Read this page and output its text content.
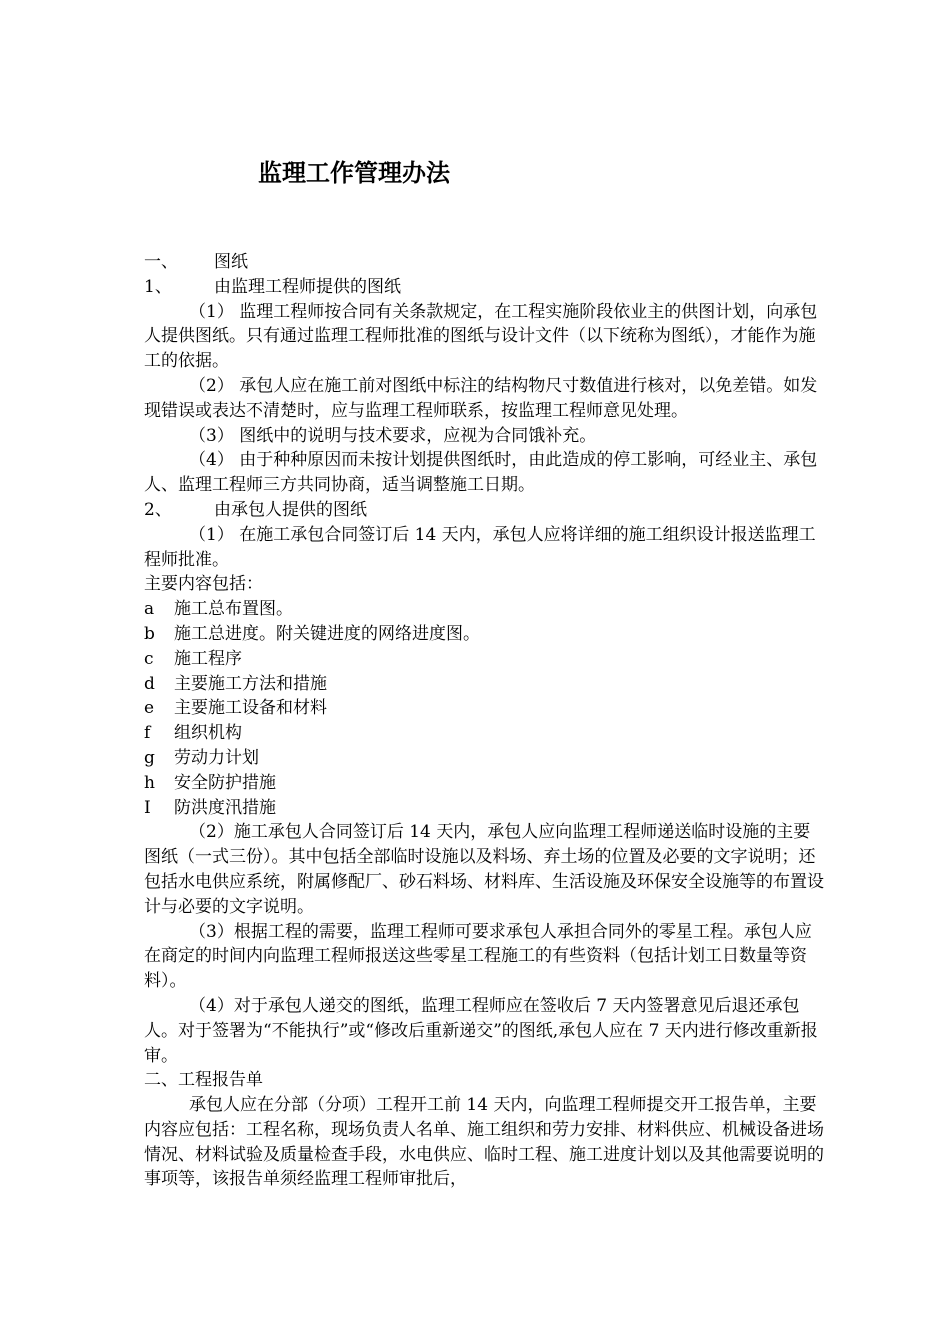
监理工作管理办法

一、 图纸

1、 由监理工程师提供的图纸

（1） 监理工程师按合同有关条款规定，在工程实施阶段依业主的供图计划，向承包人提供图纸。只有通过监理工程师批准的图纸与设计文件（以下统称为图纸），才能作为施工的依据。

（2） 承包人应在施工前对图纸中标注的结构物尺寸数值进行核对，以免差错。如发现错误或表达不清楚时，应与监理工程师联系，按监理工程师意见处理。

（3） 图纸中的说明与技术要求，应视为合同饿补充。

（4） 由于种种原因而未按计划提供图纸时，由此造成的停工影响，可经业主、承包人、监理工程师三方共同协商，适当调整施工日期。

2、 由承包人提供的图纸

（1） 在施工承包合同签订后 14 天内，承包人应将详细的施工组织设计报送监理工程师批准。

主要内容包括：

a 施工总布置图。

b 施工总进度。附关键进度的网络进度图。

c 施工程序

d 主要施工方法和措施

e 主要施工设备和材料

f 组织机构

g 劳动力计划

h 安全防护措施

I 防洪度汛措施

（2）施工承包人合同签订后 14 天内，承包人应向监理工程师递送临时设施的主要图纸（一式三份）。其中包括全部临时设施以及料场、弃土场的位置及必要的文字说明；还包括水电供应系统，附属修配厂、砂石料场、材料库、生活设施及环保安全设施等的布置设计与必要的文字说明。

（3）根据工程的需要，监理工程师可要求承包人承担合同外的零星工程。承包人应在商定的时间内向监理工程师报送这些零星工程施工的有些资料（包括计划工日数量等资料）。

（4）对于承包人递交的图纸，监理工程师应在签收后 7 天内签署意见后退还承包人。对于签署为“不能执行”或“修改后重新递交”的图纸,承包人应在 7 天内进行修改重新报审。

二、工程报告单

承包人应在分部（分项）工程开工前 14 天内，向监理工程师提交开工报告单，主要内容应包括：工程名称，现场负责人名单、施工组织和劳力安排、材料供应、机械设备进场情况、材料试验及质量检查手段，水电供应、临时工程、施工进度计划以及其他需要说明的事项等，该报告单须经监理工程师审批后，
